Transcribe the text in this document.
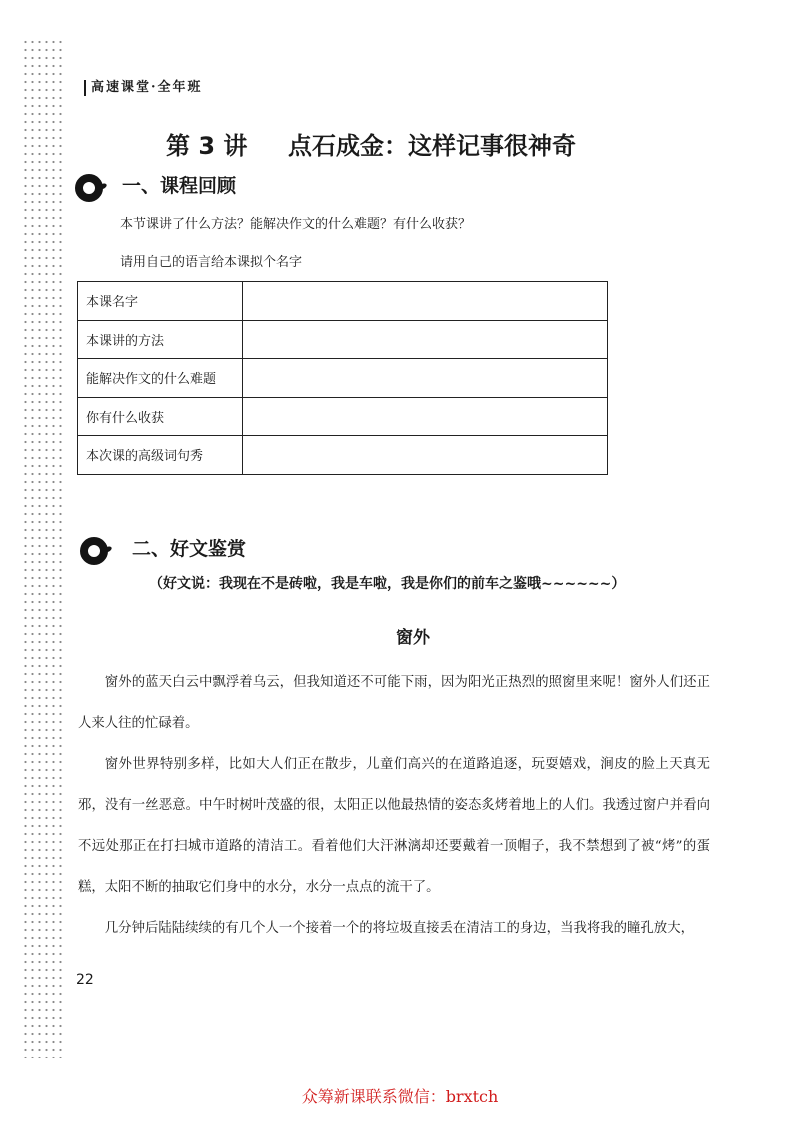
高速课堂·全年班
第 3 讲 点石成金：这样记事很神奇
一、课程回顾
本节课讲了什么方法？能解决作文的什么难题？有什么收获？
请用自己的语言给本课拟个名字
本课名字	
本课讲的方法	
能解决作文的什么难题	
你有什么收获	
本次课的高级词句秀	
二、好文鉴赏
（好文说：我现在不是砖啦，我是车啦，我是你们的前车之鉴哦~~~~~~）
窗外

窗外的蓝天白云中飘浮着乌云，但我知道还不可能下雨，因为阳光正热烈的照窗里来呢！窗外人们还正人来人往的忙碌着。

窗外世界特别多样，比如大人们正在散步，儿童们高兴的在道路追逐，玩耍嬉戏，涧皮的脸上天真无邪，没有一丝恶意。中午时树叶茂盛的很，太阳正以他最热情的姿态炙烤着地上的人们。我透过窗户并看向不远处那正在打扫城市道路的清洁工。看着他们大汗淋漓却还要戴着一顶帽子，我不禁想到了被“烤”的蛋糕，太阳不断的抽取它们身中的水分，水分一点点的流干了。

几分钟后陆陆续续的有几个人一个接着一个的将垃圾直接丢在清洁工的身边，当我将我的瞳孔放大，

22
众筹新课联系微信：brxtch
